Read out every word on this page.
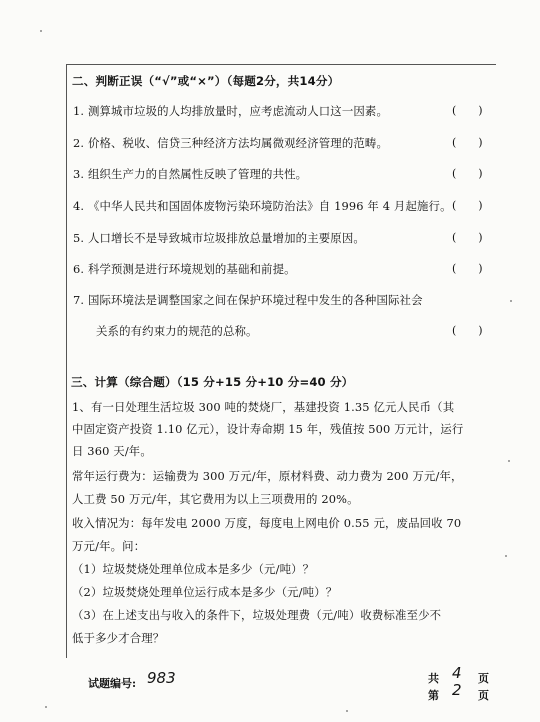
二、判断正误（“√”或“×”）（每题2分，共14分）
1. 测算城市垃圾的人均排放量时，应考虑流动人口这一因素。	(　　)
2. 价格、税收、信贷三种经济方法均属微观经济管理的范畴。	(　　)
3. 组织生产力的自然属性反映了管理的共性。	(　　)
4. 《中华人民共和国固体废物污染环境防治法》自 1996 年 4 月起施行。 (　　)
5. 人口增长不是导致城市垃圾排放总量增加的主要原因。	(　　)
6. 科学预测是进行环境规划的基础和前提。	(　　)
7. 国际环境法是调整国家之间在保护环境过程中发生的各种国际社会
关系的有约束力的规范的总称。	(　　)
三、计算（综合题）（15 分+15 分+10 分=40 分）
1、有一日处理生活垃圾 300 吨的焚烧厂，基建投资 1.35 亿元人民币（其
中固定资产投资 1.10 亿元），设计寿命期 15 年，残值按 500 万元计，运行
日 360 天/年。
常年运行费为：运输费为 300 万元/年，原材料费、动力费为 200 万元/年，
人工费 50 万元/年，其它费用为以上三项费用的 20%。
收入情况为：每年发电 2000 万度，每度电上网电价 0.55 元，废品回收 70
万元/年。问：
（1）垃圾焚烧处理单位成本是多少（元/吨）？
（2）垃圾焚烧处理单位运行成本是多少（元/吨）？
（3）在上述支出与收入的条件下，垃圾处理费（元/吨）收费标准至少不
低于多少才合理？
试题编号: 983	共 4 页
第 2 页
